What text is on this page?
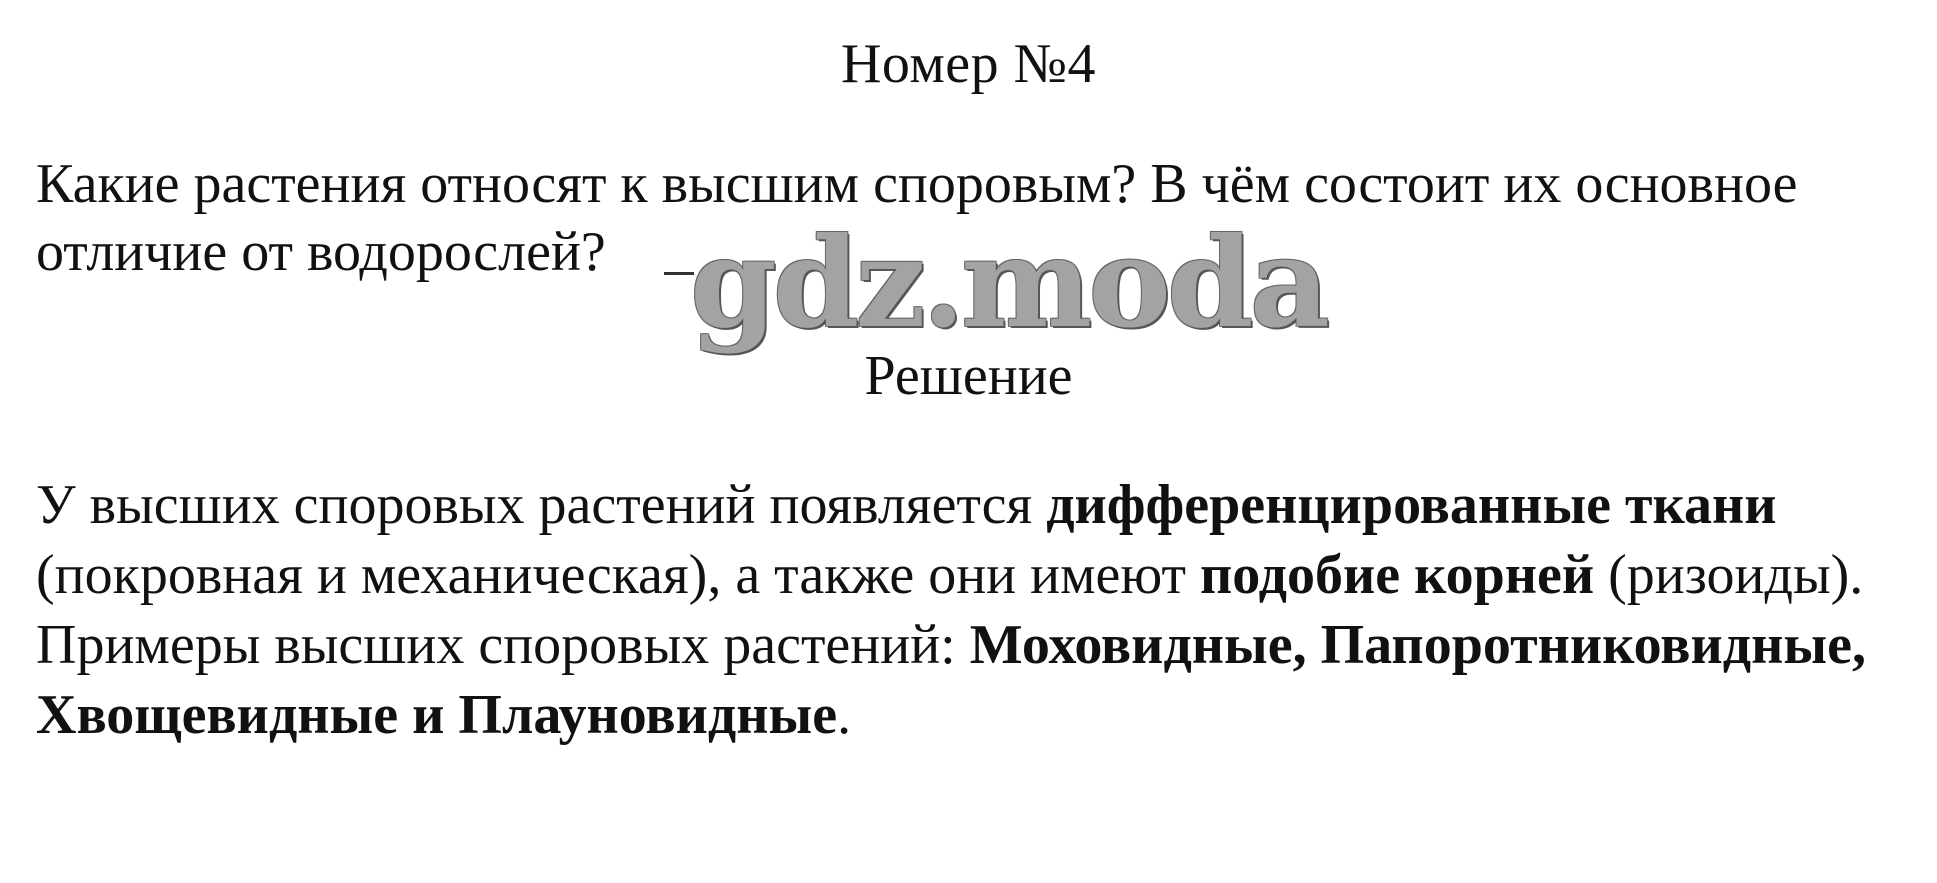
Номер №4
Какие растения относят к высшим споровым? В чём состоит их основное
отличие от водорослей? gdz.moda
Решение

У высших споровых растений появляется дифференцированные ткани (покровная и механическая), а также они имеют подобие корней (ризоиды).

Примеры высших споровых растений: Моховидные, Папоротниковидные, Хвощевидные и Плауновидные.
